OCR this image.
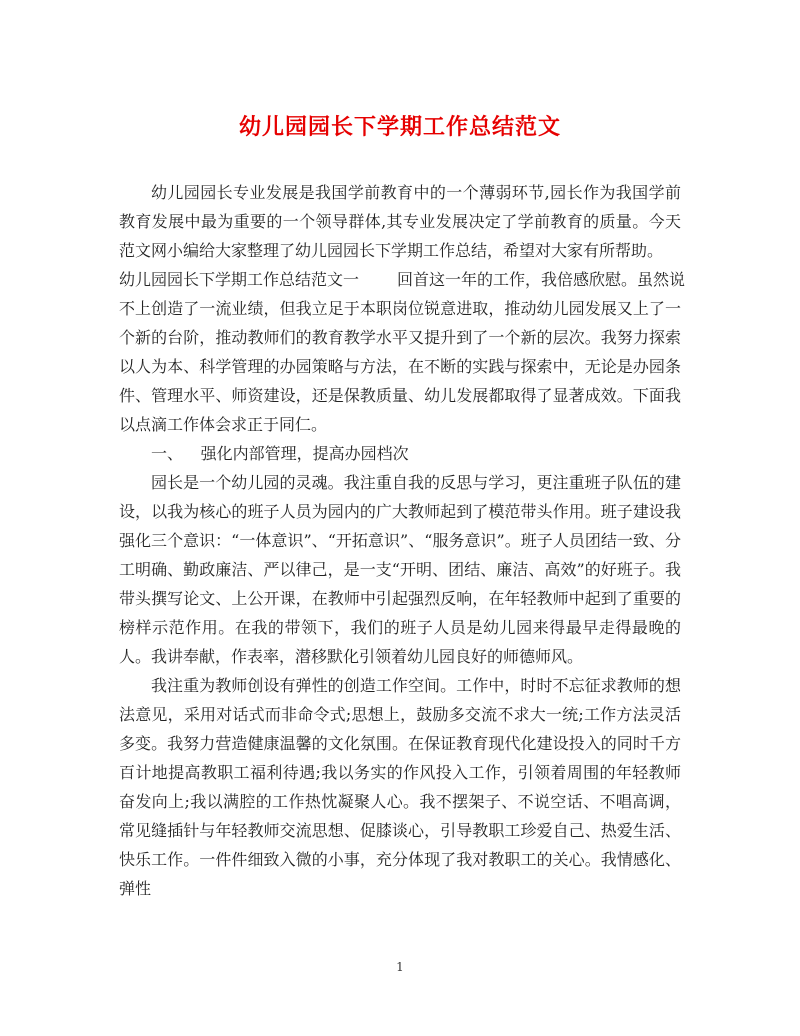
幼儿园园长下学期工作总结范文

幼儿园园长专业发展是我国学前教育中的一个薄弱环节,园长作为我国学前教育发展中最为重要的一个领导群体,其专业发展决定了学前教育的质量。今天范文网小编给大家整理了幼儿园园长下学期工作总结，希望对大家有所帮助。

幼儿园园长下学期工作总结范文一 回首这一年的工作，我倍感欣慰。虽然说不上创造了一流业绩，但我立足于本职岗位锐意进取，推动幼儿园发展又上了一个新的台阶，推动教师们的教育教学水平又提升到了一个新的层次。我努力探索以人为本、科学管理的办园策略与方法，在不断的实践与探索中，无论是办园条件、管理水平、师资建设，还是保教质量、幼儿发展都取得了显著成效。下面我以点滴工作体会求正于同仁。

一、 强化内部管理，提高办园档次

园长是一个幼儿园的灵魂。我注重自我的反思与学习，更注重班子队伍的建设，以我为核心的班子人员为园内的广大教师起到了模范带头作用。班子建设我强化三个意识：“一体意识”、“开拓意识”、“服务意识”。班子人员团结一致、分工明确、勤政廉洁、严以律己，是一支“开明、团结、廉洁、高效”的好班子。我带头撰写论文、上公开课，在教师中引起强烈反响，在年轻教师中起到了重要的榜样示范作用。在我的带领下，我们的班子人员是幼儿园来得最早走得最晚的人。我讲奉献，作表率，潜移默化引领着幼儿园良好的师德师风。

我注重为教师创设有弹性的创造工作空间。工作中，时时不忘征求教师的想法意见，采用对话式而非命令式;思想上，鼓励多交流不求大一统;工作方法灵活多变。我努力营造健康温馨的文化氛围。在保证教育现代化建设投入的同时千方百计地提高教职工福利待遇;我以务实的作风投入工作，引领着周围的年轻教师奋发向上;我以满腔的工作热忱凝聚人心。我不摆架子、不说空话、不唱高调，常见缝插针与年轻教师交流思想、促膝谈心，引导教职工珍爱自己、热爱生活、快乐工作。一件件细致入微的小事，充分体现了我对教职工的关心。我情感化、弹性

1
